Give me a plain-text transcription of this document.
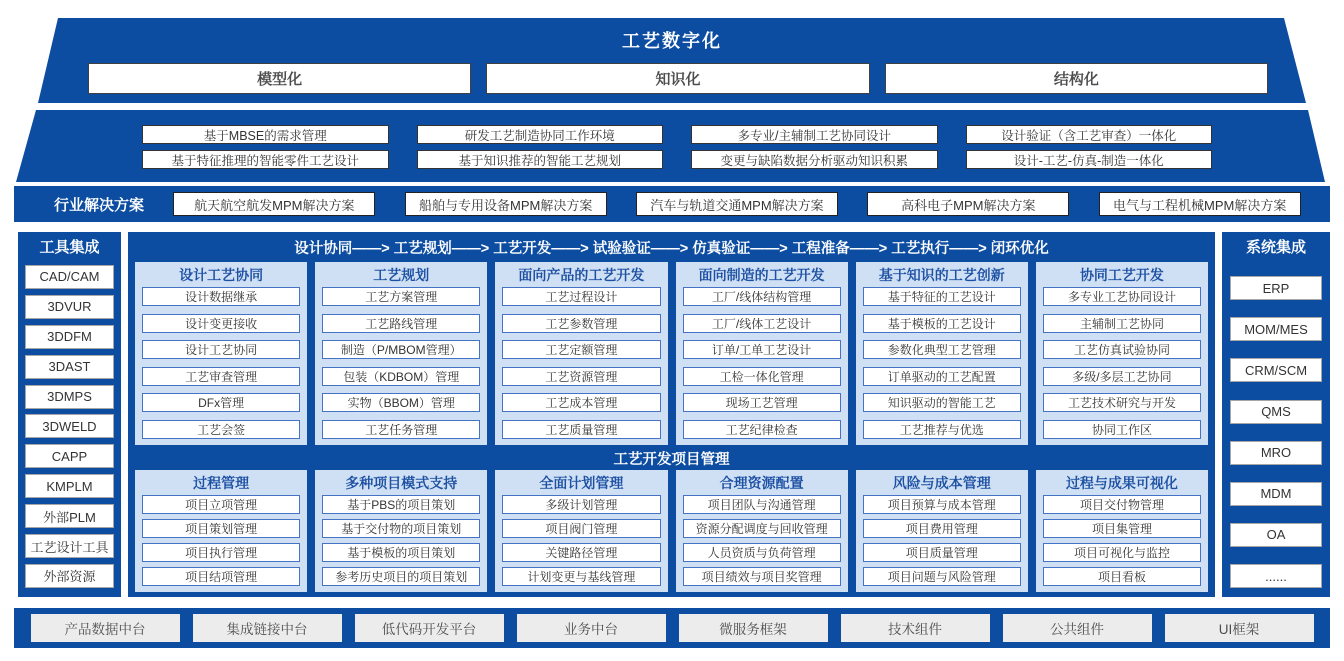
工艺数字化
模型化	知识化	结构化
基于MBSE的需求管理	研发工艺制造协同工作环境	多专业/主辅制工艺协同设计	设计验证（含工艺审查）一体化
基于特征推理的智能零件工艺设计	基于知识推荐的智能工艺规划	变更与缺陷数据分析驱动知识积累	设计-工艺-仿真-制造一体化
行业解决方案	航天航空航发MPM解决方案	船舶与专用设备MPM解决方案	汽车与轨道交通MPM解决方案	高科电子MPM解决方案	电气与工程机械MPM解决方案
工具集成
CAD/CAM
3DVUR
3DDFM
3DAST
3DMPS
3DWELD
CAPP
KMPLM
外部PLM
工艺设计工具
外部资源
设计协同——> 工艺规划——> 工艺开发——> 试验验证——> 仿真验证——> 工程准备——> 工艺执行——> 闭环优化
设计工艺协同
设计数据继承
设计变更接收
设计工艺协同
工艺审查管理
DFx管理
工艺会签
工艺规划
工艺方案管理
工艺路线管理
制造（P/MBOM管理）
包装（KDBOM）管理
实物（BBOM）管理
工艺任务管理
面向产品的工艺开发
工艺过程设计
工艺参数管理
工艺定额管理
工艺资源管理
工艺成本管理
工艺质量管理
面向制造的工艺开发
工厂/线体结构管理
工厂/线体工艺设计
订单/工单工艺设计
工检一体化管理
现场工艺管理
工艺纪律检查
基于知识的工艺创新
基于特征的工艺设计
基于模板的工艺设计
参数化典型工艺管理
订单驱动的工艺配置
知识驱动的智能工艺
工艺推荐与优选
协同工艺开发
多专业工艺协同设计
主辅制工艺协同
工艺仿真试验协同
多级/多层工艺协同
工艺技术研究与开发
协同工作区
工艺开发项目管理
过程管理
项目立项管理
项目策划管理
项目执行管理
项目结项管理
多种项目模式支持
基于PBS的项目策划
基于交付物的项目策划
基于模板的项目策划
参考历史项目的项目策划
全面计划管理
多级计划管理
项目阀门管理
关键路径管理
计划变更与基线管理
合理资源配置
项目团队与沟通管理
资源分配调度与回收管理
人员资质与负荷管理
项目绩效与项目奖管理
风险与成本管理
项目预算与成本管理
项目费用管理
项目质量管理
项目问题与风险管理
过程与成果可视化
项目交付物管理
项目集管理
项目可视化与监控
项目看板
系统集成
ERP
MOM/MES
CRM/SCM
QMS
MRO
MDM
OA
......
产品数据中台	集成链接中台	低代码开发平台	业务中台	微服务框架	技术组件	公共组件	UI框架
